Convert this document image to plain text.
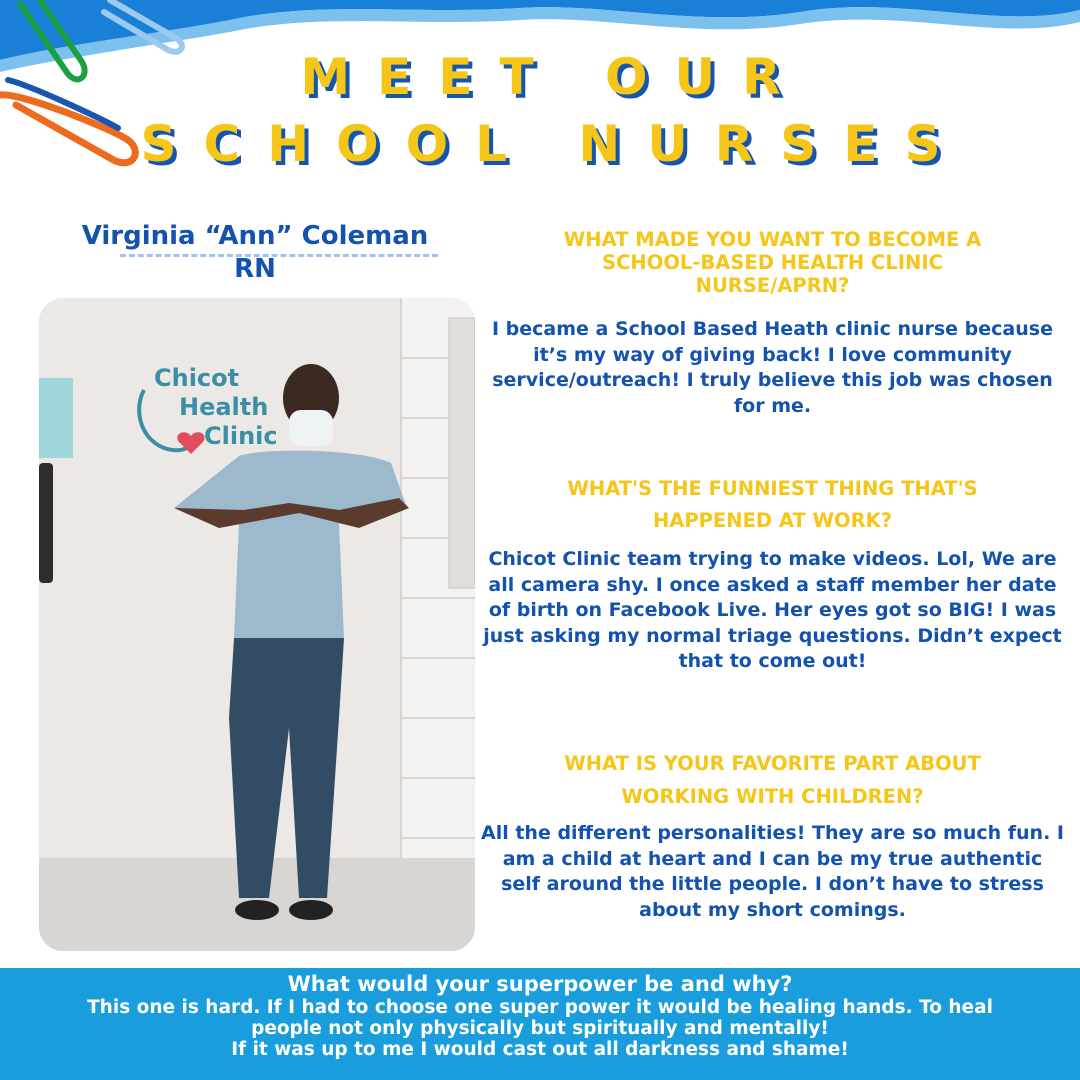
MEET OUR
SCHOOL NURSES
Virginia “Ann” Coleman
RN
Chicot
Health
Clinic
WHAT MADE YOU WANT TO BECOME A SCHOOL-BASED HEALTH CLINIC NURSE/APRN?
I became a School Based Heath clinic nurse because it’s my way of giving back! I love community service/outreach! I truly believe this job was chosen for me.
WHAT'S THE FUNNIEST THING THAT'S HAPPENED AT WORK?
Chicot Clinic team trying to make videos. Lol, We are all camera shy. I once asked a staff member her date of birth on Facebook Live. Her eyes got so BIG! I was just asking my normal triage questions. Didn’t expect that to come out!
WHAT IS YOUR FAVORITE PART ABOUT WORKING WITH CHILDREN?
All the different personalities! They are so much fun. I am a child at heart and I can be my true authentic self around the little people. I don’t have to stress about my short comings.
What would your superpower be and why?
This one is hard. If I had to choose one super power it would be healing hands. To heal
people not only physically but spiritually and mentally!
If it was up to me I would cast out all darkness and shame!
